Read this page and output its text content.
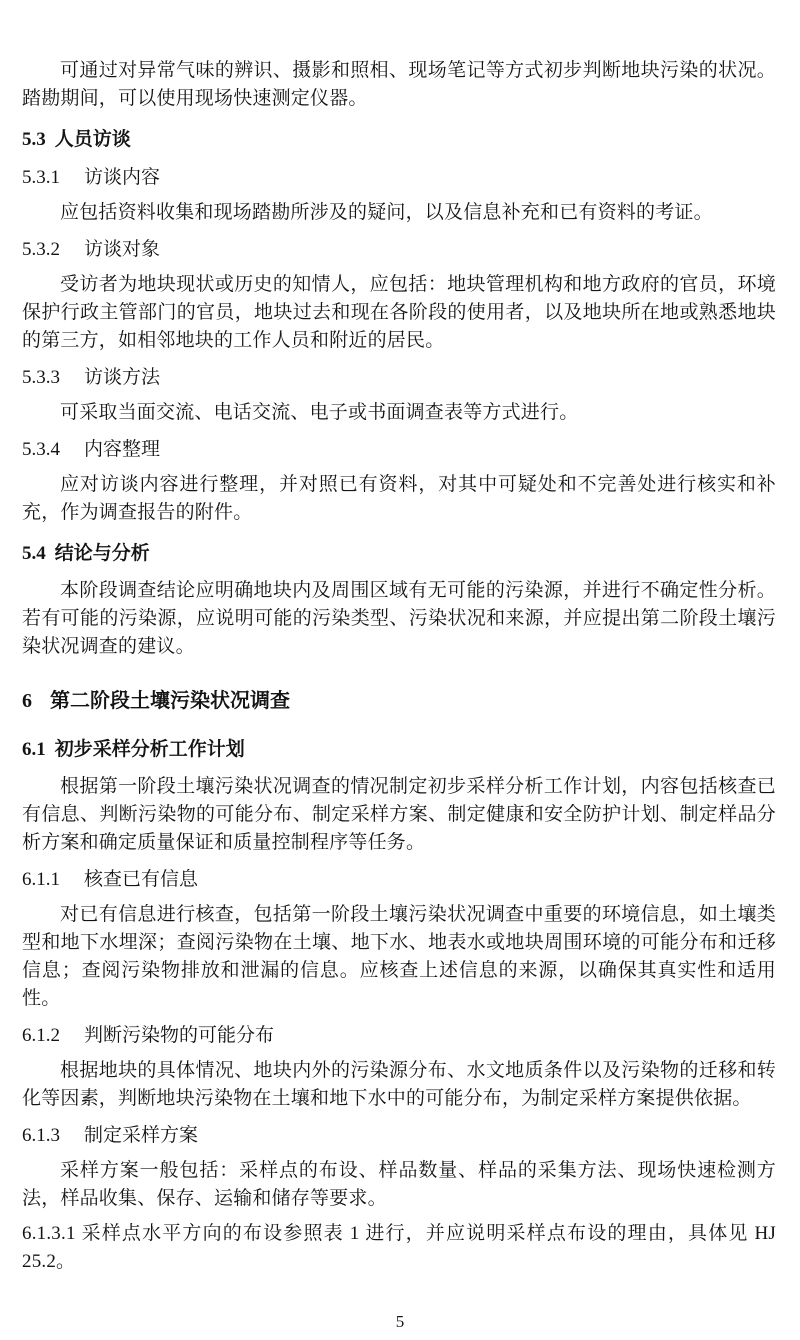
可通过对异常气味的辨识、摄影和照相、现场笔记等方式初步判断地块污染的状况。踏勘期间，可以使用现场快速测定仪器。

5.3 人员访谈
5.3.1 访谈内容

应包括资料收集和现场踏勘所涉及的疑问，以及信息补充和已有资料的考证。

5.3.2 访谈对象

受访者为地块现状或历史的知情人，应包括：地块管理机构和地方政府的官员，环境保护行政主管部门的官员，地块过去和现在各阶段的使用者，以及地块所在地或熟悉地块的第三方，如相邻地块的工作人员和附近的居民。

5.3.3 访谈方法

可采取当面交流、电话交流、电子或书面调查表等方式进行。

5.3.4 内容整理

应对访谈内容进行整理，并对照已有资料，对其中可疑处和不完善处进行核实和补充，作为调查报告的附件。

5.4 结论与分析

本阶段调查结论应明确地块内及周围区域有无可能的污染源，并进行不确定性分析。若有可能的污染源，应说明可能的污染类型、污染状况和来源，并应提出第二阶段土壤污染状况调查的建议。

6 第二阶段土壤污染状况调查
6.1 初步采样分析工作计划

根据第一阶段土壤污染状况调查的情况制定初步采样分析工作计划，内容包括核查已有信息、判断污染物的可能分布、制定采样方案、制定健康和安全防护计划、制定样品分析方案和确定质量保证和质量控制程序等任务。

6.1.1 核查已有信息

对已有信息进行核查，包括第一阶段土壤污染状况调查中重要的环境信息，如土壤类型和地下水埋深；查阅污染物在土壤、地下水、地表水或地块周围环境的可能分布和迁移信息；查阅污染物排放和泄漏的信息。应核查上述信息的来源，以确保其真实性和适用性。

6.1.2 判断污染物的可能分布

根据地块的具体情况、地块内外的污染源分布、水文地质条件以及污染物的迁移和转化等因素，判断地块污染物在土壤和地下水中的可能分布，为制定采样方案提供依据。

6.1.3 制定采样方案

采样方案一般包括：采样点的布设、样品数量、样品的采集方法、现场快速检测方法，样品收集、保存、运输和储存等要求。

6.1.3.1 采样点水平方向的布设参照表 1 进行，并应说明采样点布设的理由，具体见 HJ 25.2。

5
